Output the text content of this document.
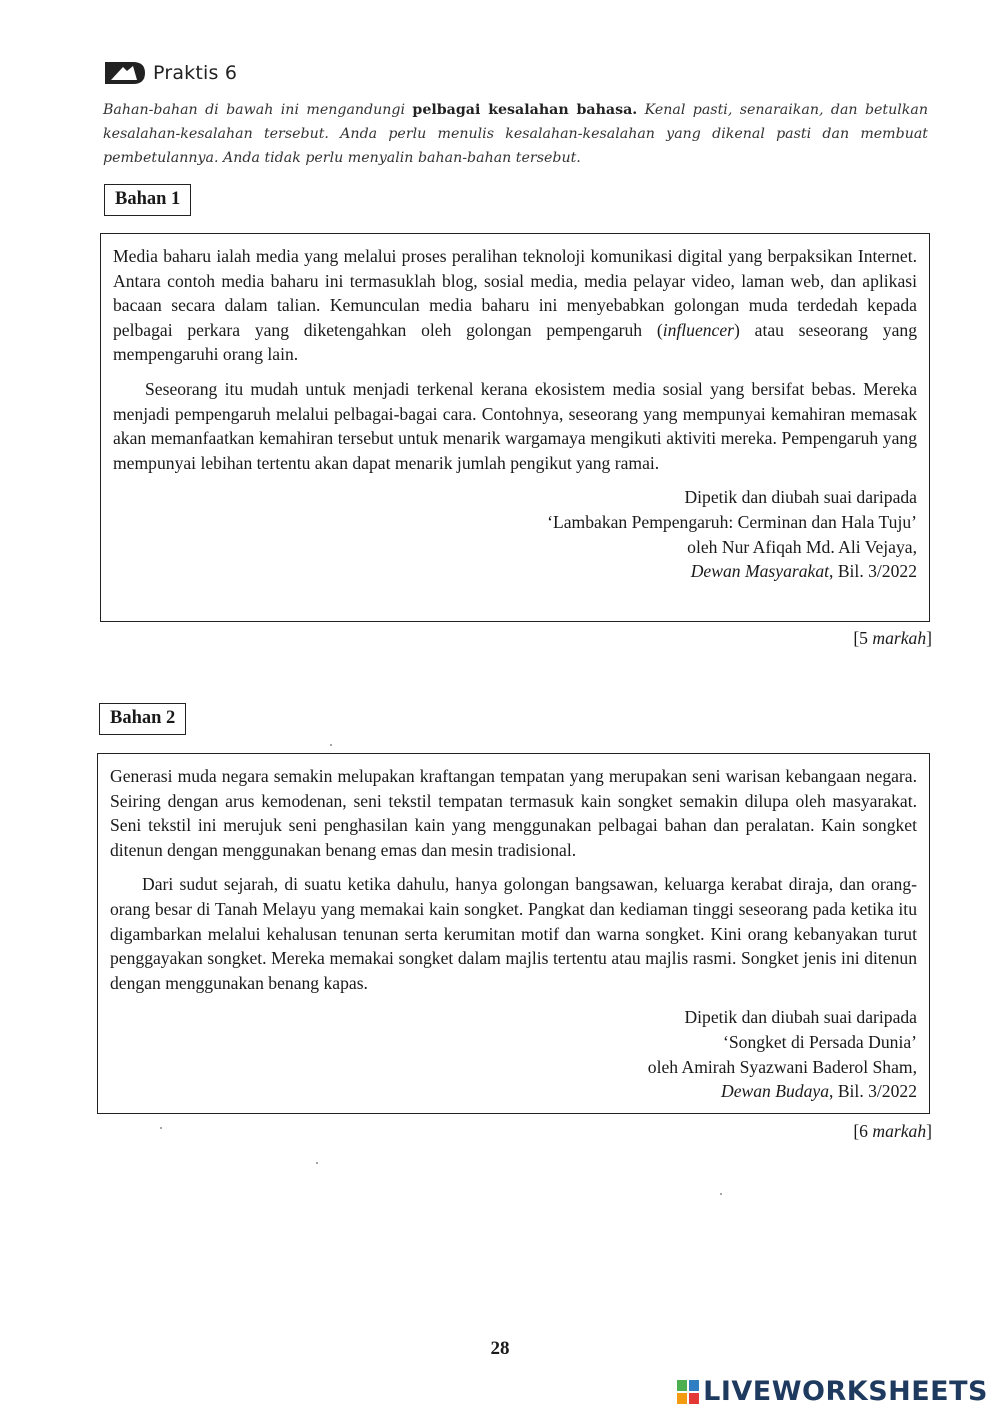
Praktis 6
Bahan-bahan di bawah ini mengandungi pelbagai kesalahan bahasa. Kenal pasti, senaraikan, dan betulkan kesalahan-kesalahan tersebut. Anda perlu menulis kesalahan-kesalahan yang dikenal pasti dan membuat pembetulannya. Anda tidak perlu menyalin bahan-bahan tersebut.
Bahan 1

Media baharu ialah media yang melalui proses peralihan teknoloji komunikasi digital yang berpaksikan Internet. Antara contoh media baharu ini termasuklah blog, sosial media, media pelayar video, laman web, dan aplikasi bacaan secara dalam talian. Kemunculan media baharu ini menyebabkan golongan muda terdedah kepada pelbagai perkara yang diketengahkan oleh golongan pempengaruh (influencer) atau seseorang yang mempengaruhi orang lain.

Seseorang itu mudah untuk menjadi terkenal kerana ekosistem media sosial yang bersifat bebas. Mereka menjadi pempengaruh melalui pelbagai-bagai cara. Contohnya, seseorang yang mempunyai kemahiran memasak akan memanfaatkan kemahiran tersebut untuk menarik wargamaya mengikuti aktiviti mereka. Pempengaruh yang mempunyai lebihan tertentu akan dapat menarik jumlah pengikut yang ramai.

Dipetik dan diubah suai daripada
‘Lambakan Pempengaruh: Cerminan dan Hala Tuju’
oleh Nur Afiqah Md. Ali Vejaya,
Dewan Masyarakat, Bil. 3/2022
[5 markah]
Bahan 2

Generasi muda negara semakin melupakan kraftangan tempatan yang merupakan seni warisan kebangaan negara. Seiring dengan arus kemodenan, seni tekstil tempatan termasuk kain songket semakin dilupa oleh masyarakat. Seni tekstil ini merujuk seni penghasilan kain yang menggunakan pelbagai bahan dan peralatan. Kain songket ditenun dengan menggunakan benang emas dan mesin tradisional.

Dari sudut sejarah, di suatu ketika dahulu, hanya golongan bangsawan, keluarga kerabat diraja, dan orang-orang besar di Tanah Melayu yang memakai kain songket. Pangkat dan kediaman tinggi seseorang pada ketika itu digambarkan melalui kehalusan tenunan serta kerumitan motif dan warna songket. Kini orang kebanyakan turut penggayakan songket. Mereka memakai songket dalam majlis tertentu atau majlis rasmi. Songket jenis ini ditenun dengan menggunakan benang kapas.

Dipetik dan diubah suai daripada
‘Songket di Persada Dunia’
oleh Amirah Syazwani Baderol Sham,
Dewan Budaya, Bil. 3/2022
[6 markah]
28
LIVEWORKSHEETS
